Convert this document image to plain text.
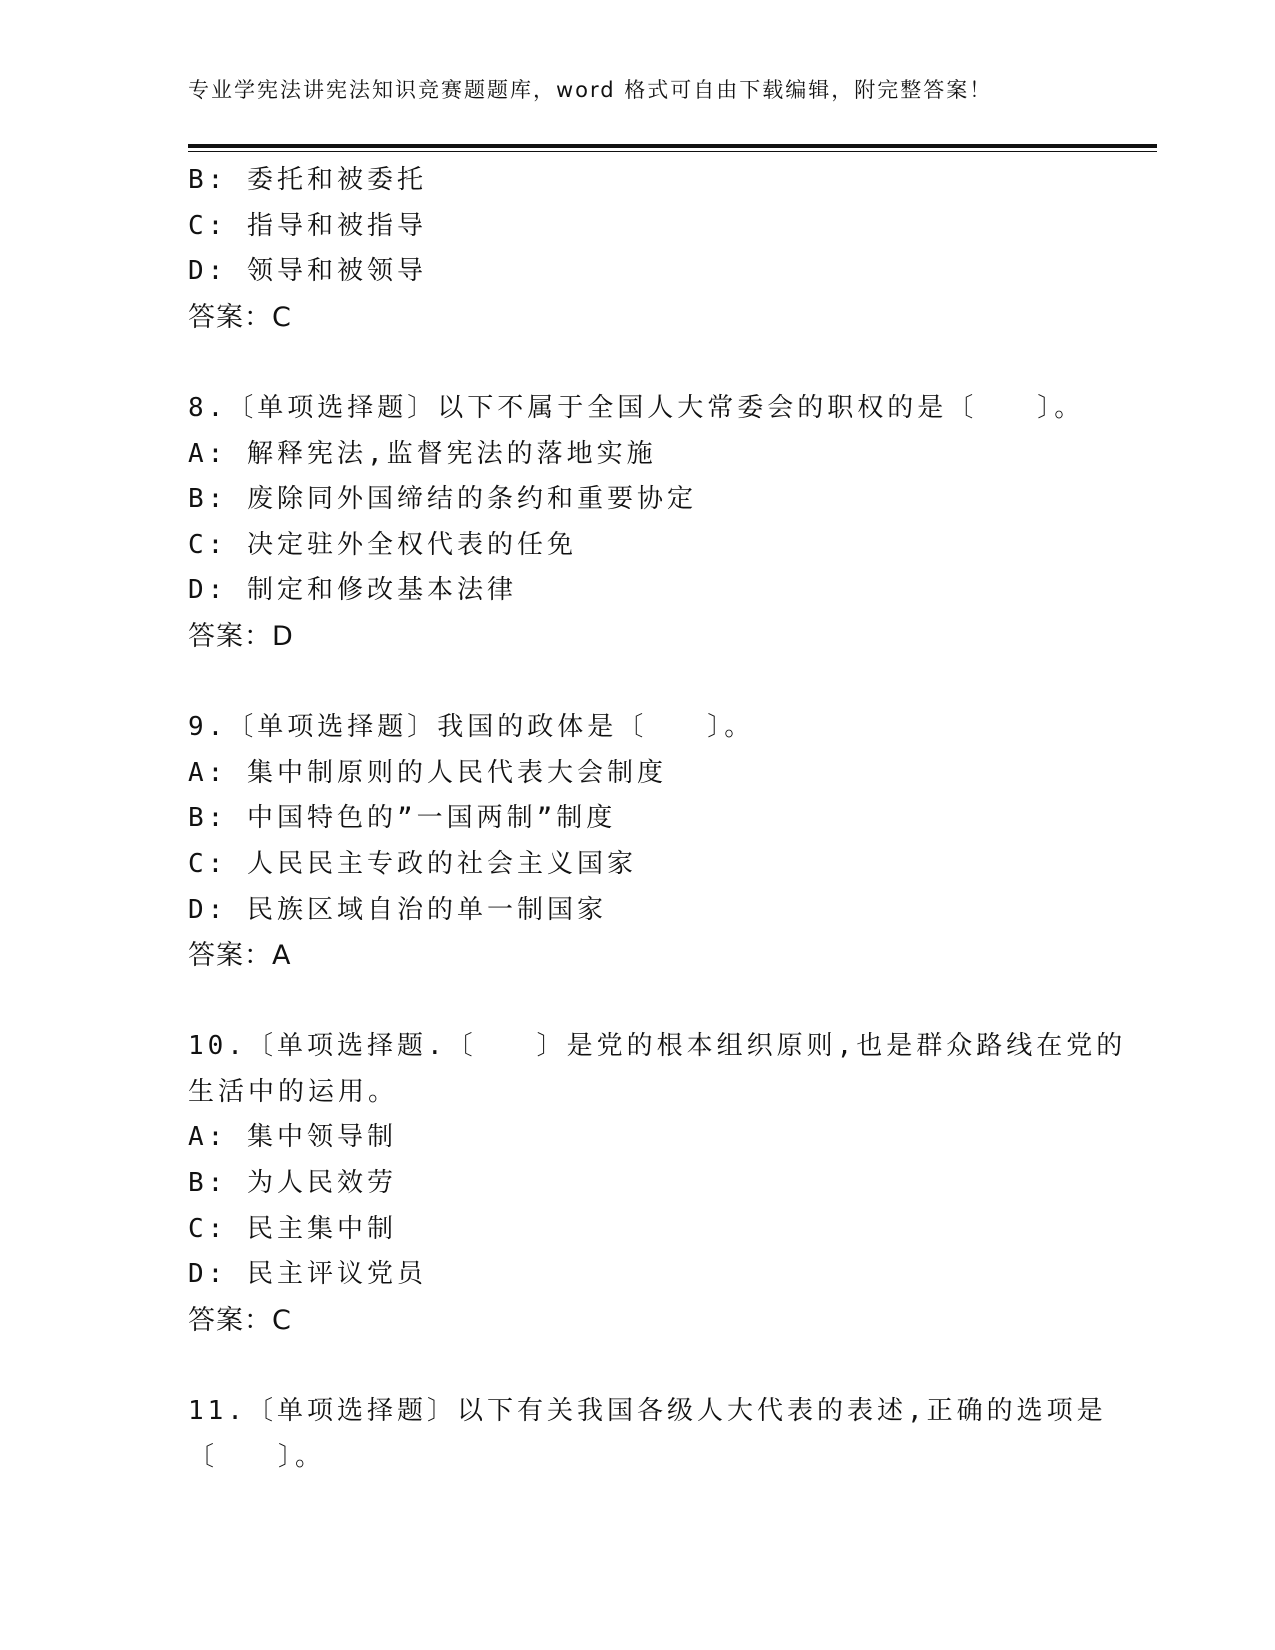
专业学宪法讲宪法知识竞赛题题库，word 格式可自由下载编辑，附完整答案！
B: 委托和被委托
C: 指导和被指导
D: 领导和被领导
答案：C
8.〔单项选择题〕以下不属于全国人大常委会的职权的是〔　　〕。
A: 解释宪法,监督宪法的落地实施
B: 废除同外国缔结的条约和重要协定
C: 决定驻外全权代表的任免
D: 制定和修改基本法律
答案：D
9.〔单项选择题〕我国的政体是〔　　〕。
A: 集中制原则的人民代表大会制度
B: 中国特色的”一国两制”制度
C: 人民民主专政的社会主义国家
D: 民族区域自治的单一制国家
答案：A
10.〔单项选择题.〔　　〕是党的根本组织原则,也是群众路线在党的
生活中的运用。
A: 集中领导制
B: 为人民效劳
C: 民主集中制
D: 民主评议党员
答案：C
11.〔单项选择题〕以下有关我国各级人大代表的表述,正确的选项是
〔　　〕。
